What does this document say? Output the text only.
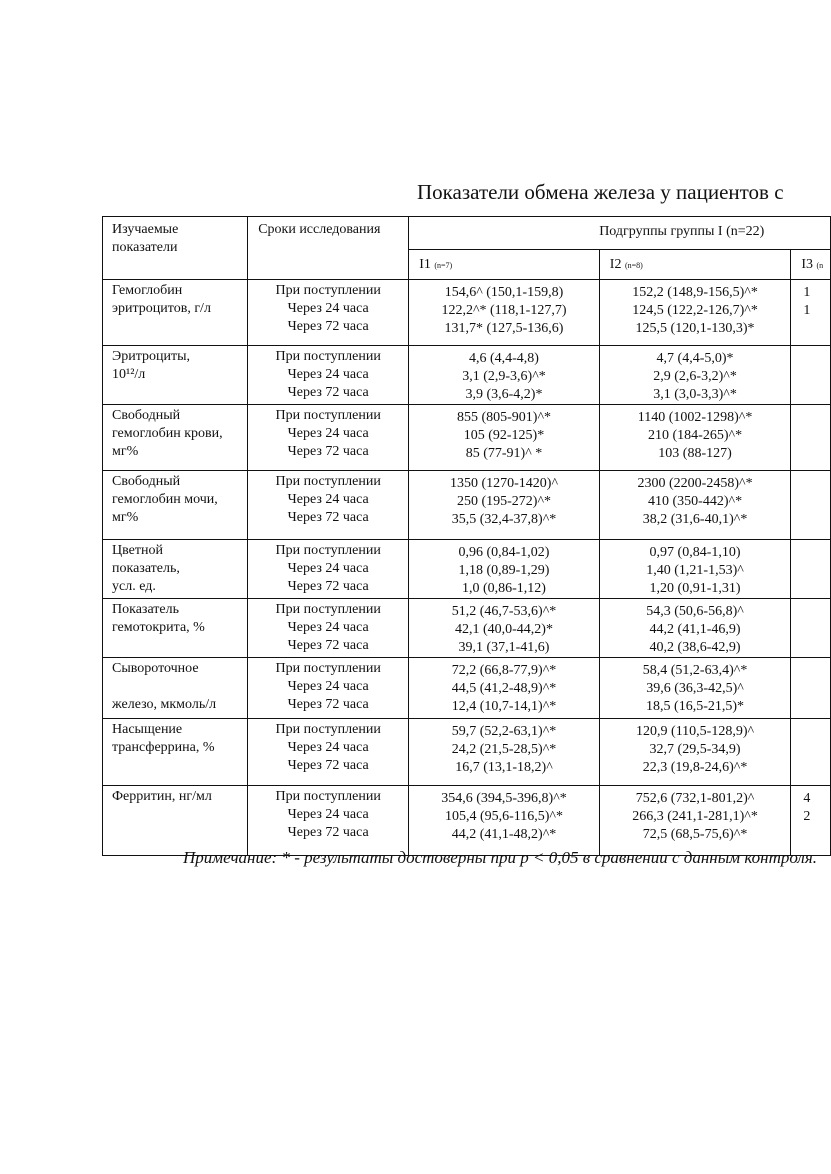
Показатели обмена железа у пациентов с
Изучаемые
показатели	Сроки исследования	Подгруппы группы I (n=22)		
		I1 (n=7)	I2 (n=8)	I3 (n
Гемоглобин
эритроцитов, г/л	При поступлении
Через 24 часа
Через 72 часа	154,6^ (150,1-159,8)
122,2^* (118,1-127,7)
131,7* (127,5-136,6)	152,2 (148,9-156,5)^*
124,5 (122,2-126,7)^*
125,5 (120,1-130,3)*	1
1

Эритроциты,
10¹²/л	При поступлении
Через 24 часа
Через 72 часа	4,6 (4,4-4,8)
3,1 (2,9-3,6)^*
3,9 (3,6-4,2)*	4,7 (4,4-5,0)*
2,9 (2,6-3,2)^*
3,1 (3,0-3,3)^*	

Свободный
гемоглобин крови,
мг%	При поступлении
Через 24 часа
Через 72 часа	855 (805-901)^*
105 (92-125)*
85 (77-91)^ *	1140 (1002-1298)^*
210 (184-265)^*
103 (88-127)	

Свободный
гемоглобин мочи,
мг%	При поступлении
Через 24 часа
Через 72 часа	1350 (1270-1420)^
250 (195-272)^*
35,5 (32,4-37,8)^*	2300 (2200-2458)^*
410 (350-442)^*
38,2 (31,6-40,1)^*	

Цветной
показатель,
усл. ед.	При поступлении
Через 24 часа
Через 72 часа	0,96 (0,84-1,02)
1,18 (0,89-1,29)
1,0 (0,86-1,12)	0,97 (0,84-1,10)
1,40 (1,21-1,53)^
1,20 (0,91-1,31)	

Показатель
гемотокрита, %	При поступлении
Через 24 часа
Через 72 часа	51,2 (46,7-53,6)^*
42,1 (40,0-44,2)*
39,1 (37,1-41,6)	54,3 (50,6-56,8)^
44,2 (41,1-46,9)
40,2 (38,6-42,9)	

Сывороточное

железо, мкмоль/л	При поступлении
Через 24 часа
Через 72 часа	72,2 (66,8-77,9)^*
44,5 (41,2-48,9)^*
12,4 (10,7-14,1)^*	58,4 (51,2-63,4)^*
39,6 (36,3-42,5)^
18,5 (16,5-21,5)*	

Насыщение
трансферрина, %	При поступлении
Через 24 часа
Через 72 часа	59,7 (52,2-63,1)^*
24,2 (21,5-28,5)^*
16,7 (13,1-18,2)^	120,9 (110,5-128,9)^
32,7 (29,5-34,9)
22,3 (19,8-24,6)^*	

Ферритин, нг/мл	При поступлении
Через 24 часа
Через 72 часа	354,6 (394,5-396,8)^*
105,4 (95,6-116,5)^*
44,2 (41,1-48,2)^*	752,6 (732,1-801,2)^
266,3 (241,1-281,1)^*
72,5 (68,5-75,6)^*	4
2
Примечание: * - результаты достоверны при р < 0,05 в сравнении с данным контроля.
